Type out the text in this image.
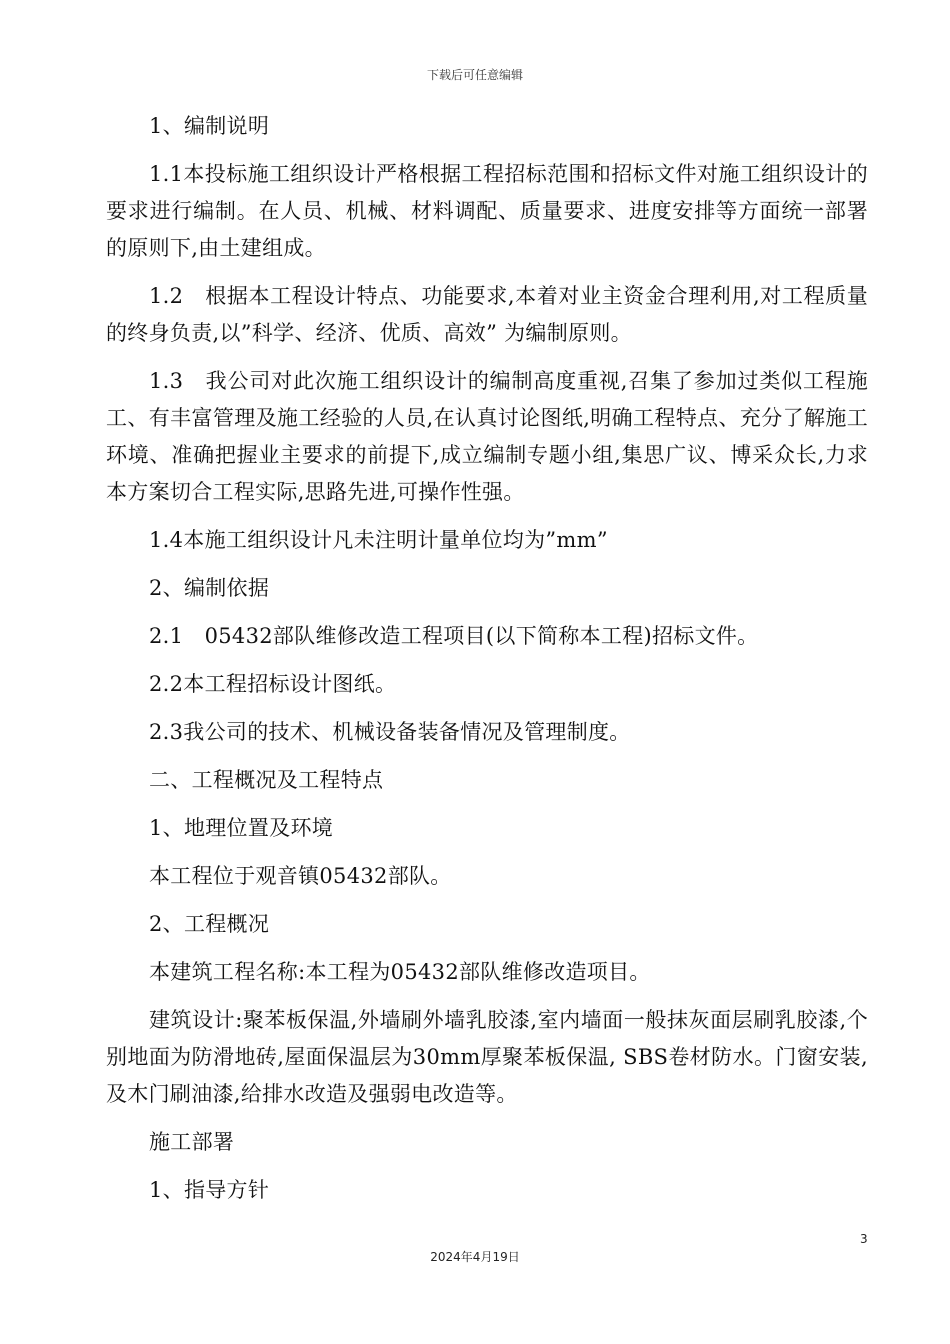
下载后可任意编辑

1、编制说明

1.1本投标施工组织设计严格根据工程招标范围和招标文件对施工组织设计的要求进行编制。在人员、机械、材料调配、质量要求、进度安排等方面统一部署的原则下,由土建组成。

1.2　根据本工程设计特点、功能要求,本着对业主资金合理利用,对工程质量的终身负责,以”科学、经济、优质、高效” 为编制原则。

1.3　我公司对此次施工组织设计的编制高度重视,召集了参加过类似工程施工、有丰富管理及施工经验的人员,在认真讨论图纸,明确工程特点、充分了解施工环境、准确把握业主要求的前提下,成立编制专题小组,集思广议、博采众长,力求本方案切合工程实际,思路先进,可操作性强。

1.4本施工组织设计凡未注明计量单位均为”mm”

2、编制依据

2.1　05432部队维修改造工程项目(以下简称本工程)招标文件。

2.2本工程招标设计图纸。

2.3我公司的技术、机械设备装备情况及管理制度。

二、工程概况及工程特点

1、地理位置及环境

本工程位于观音镇05432部队。

2、工程概况

本建筑工程名称:本工程为05432部队维修改造项目。

建筑设计:聚苯板保温,外墙刷外墙乳胶漆,室内墙面一般抹灰面层刷乳胶漆,个别地面为防滑地砖,屋面保温层为30mm厚聚苯板保温, SBS卷材防水。门窗安装,及木门刷油漆,给排水改造及强弱电改造等。

施工部署

1、指导方针

3
2024年4月19日
